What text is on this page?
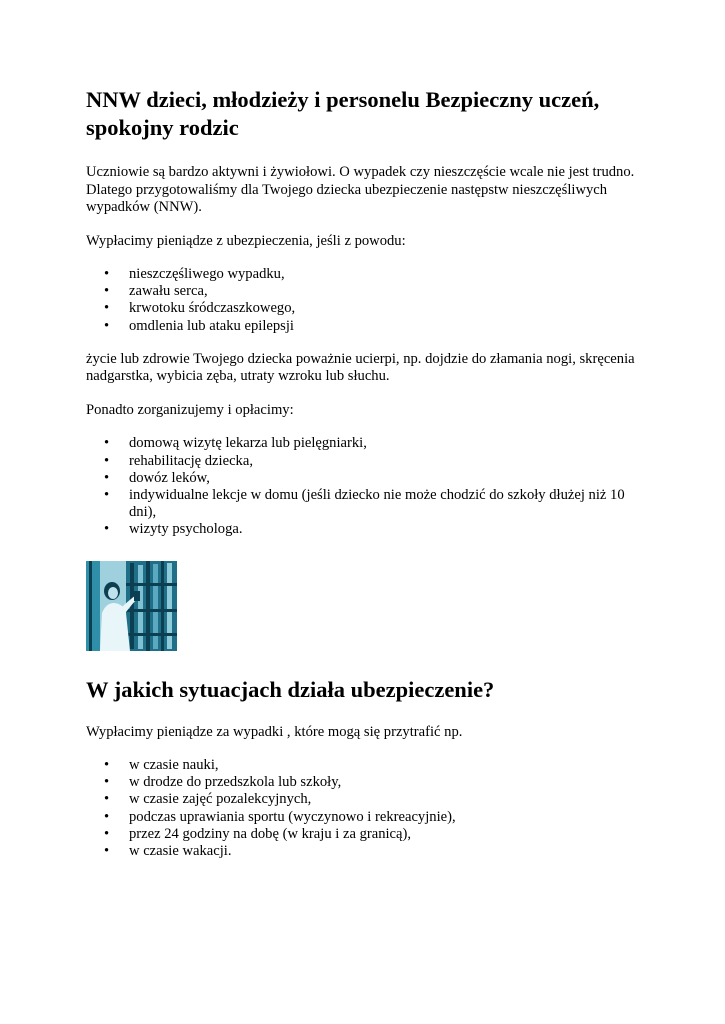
NNW dzieci, młodzieży i personelu Bezpieczny uczeń, spokojny rodzic

Uczniowie są bardzo aktywni i żywiołowi. O wypadek czy nieszczęście wcale nie jest trudno. Dlatego przygotowaliśmy dla Twojego dziecka ubezpieczenie następstw nieszczęśliwych wypadków (NNW).

Wypłacimy pieniądze z ubezpieczenia, jeśli z powodu:

• nieszczęśliwego wypadku,
• zawału serca,
• krwotoku śródczaszkowego,
• omdlenia lub ataku epilepsji

życie lub zdrowie Twojego dziecka poważnie ucierpi, np. dojdzie do złamania nogi, skręcenia nadgarstka, wybicia zęba, utraty wzroku lub słuchu.

Ponadto zorganizujemy i opłacimy:

• domową wizytę lekarza lub pielęgniarki,
• rehabilitację dziecka,
• dowóz leków,
• indywidualne lekcje w domu (jeśli dziecko nie może chodzić do szkoły dłużej niż 10 dni),
• wizyty psychologa.
W jakich sytuacjach działa ubezpieczenie?

Wypłacimy pieniądze za wypadki , które mogą się przytrafić np.

• w czasie nauki,
• w drodze do przedszkola lub szkoły,
• w czasie zajęć pozalekcyjnych,
• podczas uprawiania sportu (wyczynowo i rekreacyjnie),
• przez 24 godziny na dobę (w kraju i za granicą),
• w czasie wakacji.
